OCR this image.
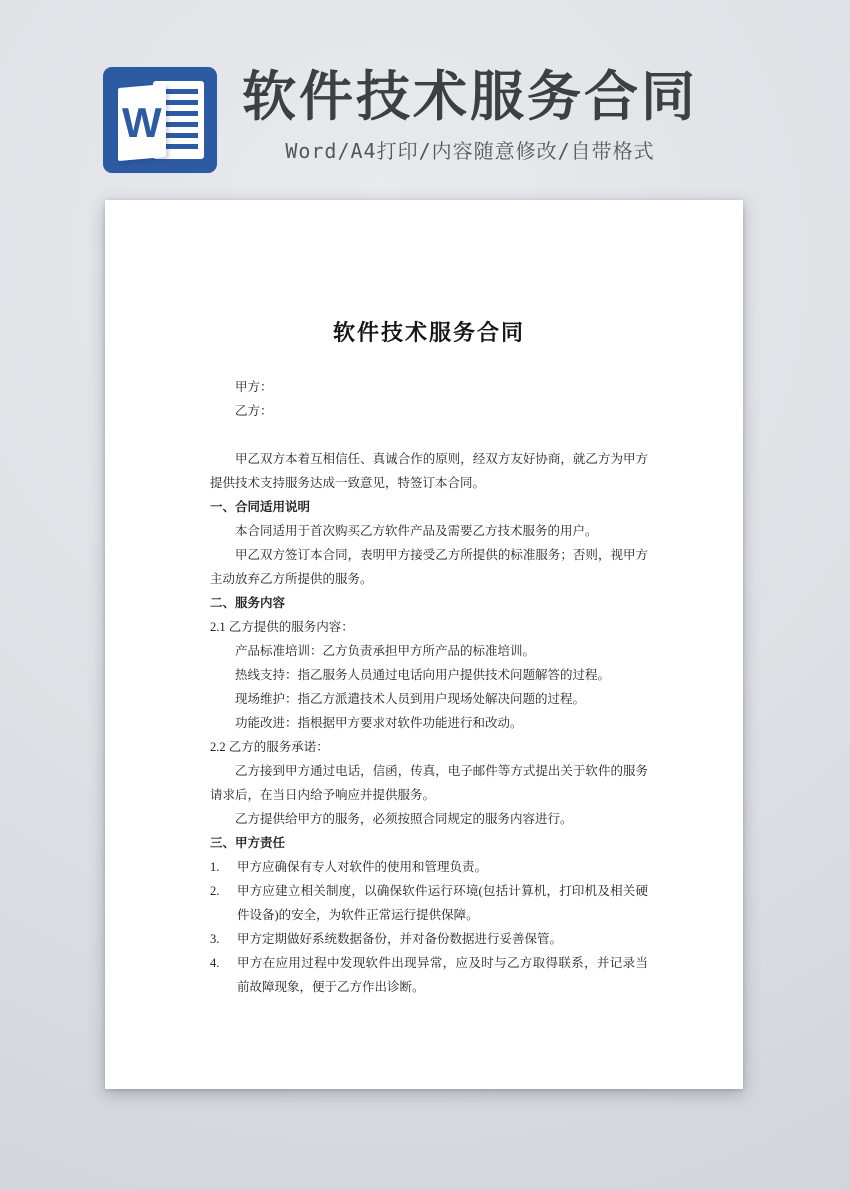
W 软件技术服务合同
Word/A4打印/内容随意修改/自带格式
软件技术服务合同
甲方：
乙方：
甲乙双方本着互相信任、真诚合作的原则，经双方友好协商，就乙方为甲方提供技术支持服务达成一致意见，特签订本合同。
一、合同适用说明
本合同适用于首次购买乙方软件产品及需要乙方技术服务的用户。
甲乙双方签订本合同，表明甲方接受乙方所提供的标准服务；否则，视甲方主动放弃乙方所提供的服务。
二、服务内容
2.1 乙方提供的服务内容：
产品标准培训：乙方负责承担甲方所产品的标准培训。
热线支持：指乙服务人员通过电话向用户提供技术问题解答的过程。
现场维护：指乙方派遣技术人员到用户现场处解决问题的过程。
功能改进：指根据甲方要求对软件功能进行和改动。
2.2 乙方的服务承诺：
乙方接到甲方通过电话，信函，传真，电子邮件等方式提出关于软件的服务请求后，在当日内给予响应并提供服务。
乙方提供给甲方的服务，必须按照合同规定的服务内容进行。
三、甲方责任
1. 甲方应确保有专人对软件的使用和管理负责。
2. 甲方应建立相关制度，以确保软件运行环境(包括计算机，打印机及相关硬件设备)的安全，为软件正常运行提供保障。
3. 甲方定期做好系统数据备份，并对备份数据进行妥善保管。
4. 甲方在应用过程中发现软件出现异常，应及时与乙方取得联系，并记录当前故障现象，便于乙方作出诊断。
